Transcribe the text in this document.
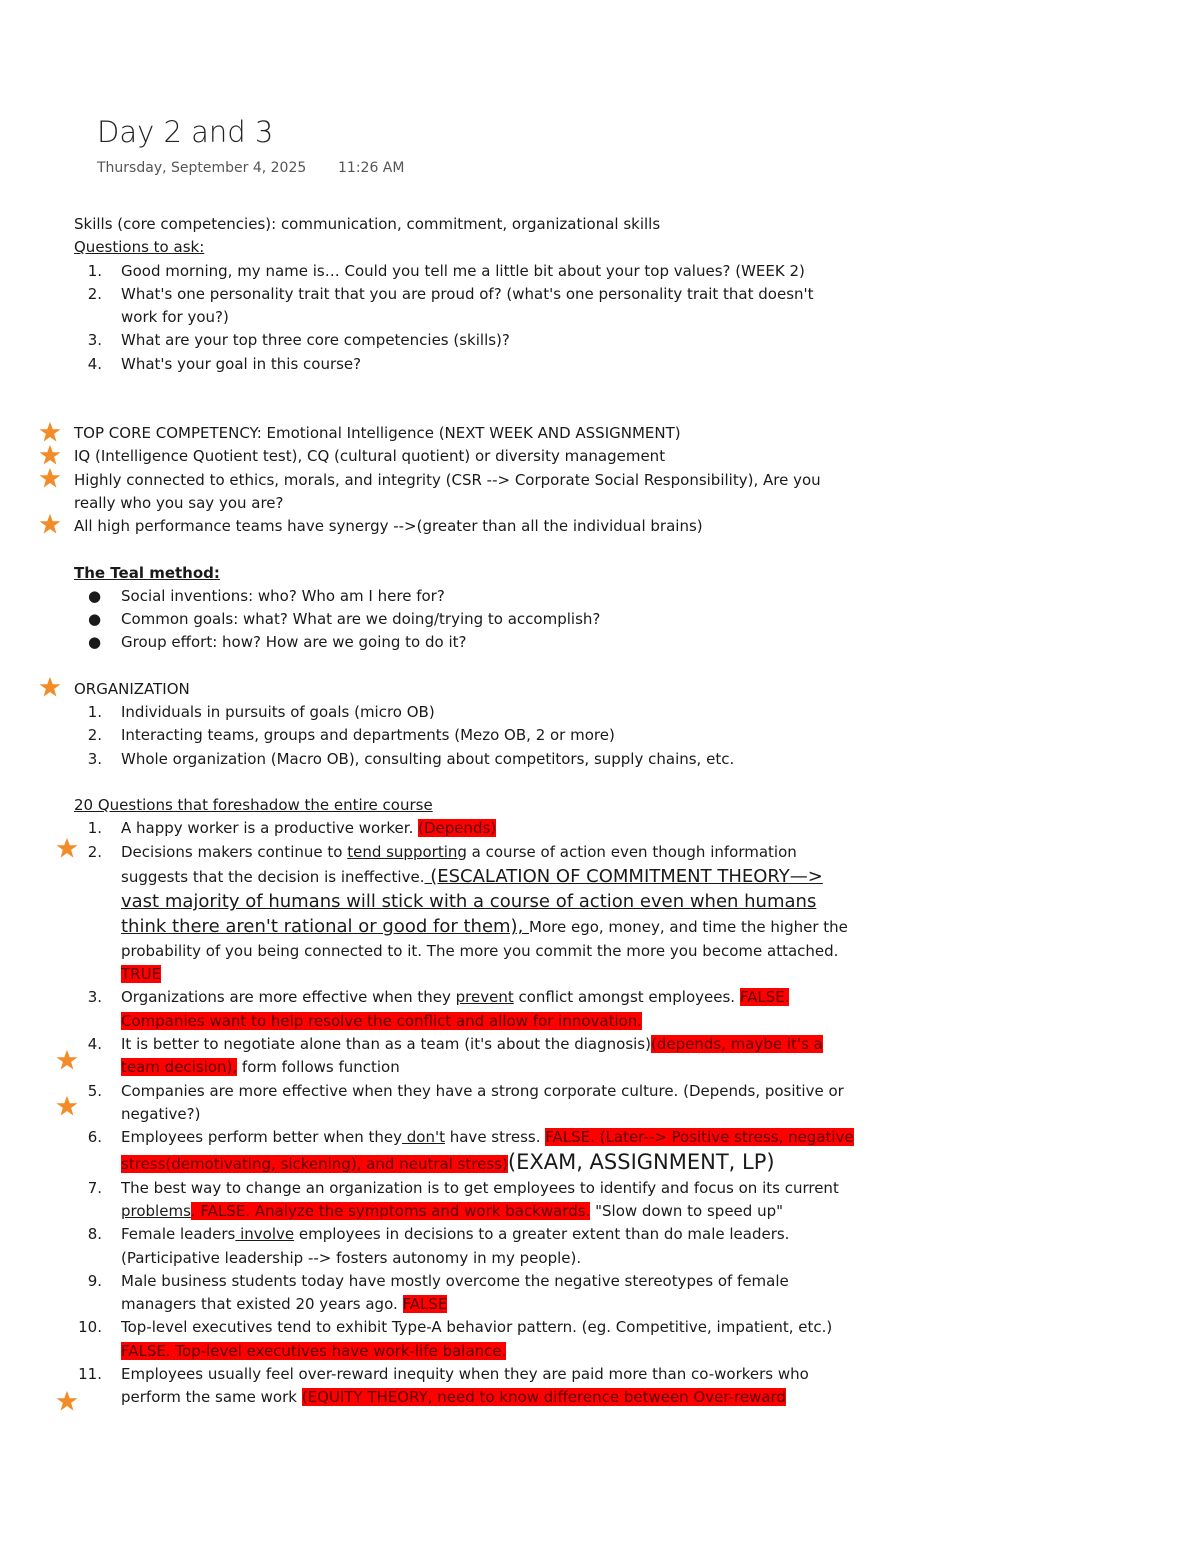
Day 2 and 3
Thursday, September 4, 2025 11:26 AM

Skills (core competencies): communication, commitment, organizational skills

Questions to ask:

1. Good morning, my name is… Could you tell me a little bit about your top values? (WEEK 2)
2. What's one personality trait that you are proud of? (what's one personality trait that doesn't work for you?)
3. What are your top three core competencies (skills)?
4. What's your goal in this course?

TOP CORE COMPETENCY: Emotional Intelligence (NEXT WEEK AND ASSIGNMENT)

IQ (Intelligence Quotient test), CQ (cultural quotient) or diversity management

Highly connected to ethics, morals, and integrity (CSR --> Corporate Social Responsibility), Are you really who you say you are?

All high performance teams have synergy -->(greater than all the individual brains)

The Teal method:

● Social inventions: who? Who am I here for?
● Common goals: what? What are we doing/trying to accomplish?
● Group effort: how? How are we going to do it?

ORGANIZATION

1. Individuals in pursuits of goals (micro OB)
2. Interacting teams, groups and departments (Mezo OB, 2 or more)
3. Whole organization (Macro OB), consulting about competitors, supply chains, etc.

20 Questions that foreshadow the entire course

1. A happy worker is a productive worker. (Depends)
2. Decisions makers continue to tend supporting a course of action even though information suggests that the decision is ineffective. (ESCALATION OF COMMITMENT THEORY—> vast majority of humans will stick with a course of action even when humans think there aren't rational or good for them), More ego, money, and time the higher the probability of you being connected to it. The more you commit the more you become attached. TRUE
3. Organizations are more effective when they prevent conflict amongst employees. FALSE. Companies want to help resolve the conflict and allow for innovation.
4. It is better to negotiate alone than as a team (it's about the diagnosis)(depends, maybe it's a team decision), form follows function
5. Companies are more effective when they have a strong corporate culture. (Depends, positive or negative?)
6. Employees perform better when they don't have stress. FALSE. (Later--> Positive stress, negative stress(demotivating, sickening), and neutral stress)(EXAM, ASSIGNMENT, LP)
7. The best way to change an organization is to get employees to identify and focus on its current problems. FALSE. Analyze the symptoms and work backwards. "Slow down to speed up"
8. Female leaders involve employees in decisions to a greater extent than do male leaders. (Participative leadership --> fosters autonomy in my people).
9. Male business students today have mostly overcome the negative stereotypes of female managers that existed 20 years ago. FALSE
10. Top-level executives tend to exhibit Type-A behavior pattern. (eg. Competitive, impatient, etc.) FALSE. Top-level executives have work-life balance.
11. Employees usually feel over-reward inequity when they are paid more than co-workers who perform the same work (EQUITY THEORY, need to know difference between Over-reward
